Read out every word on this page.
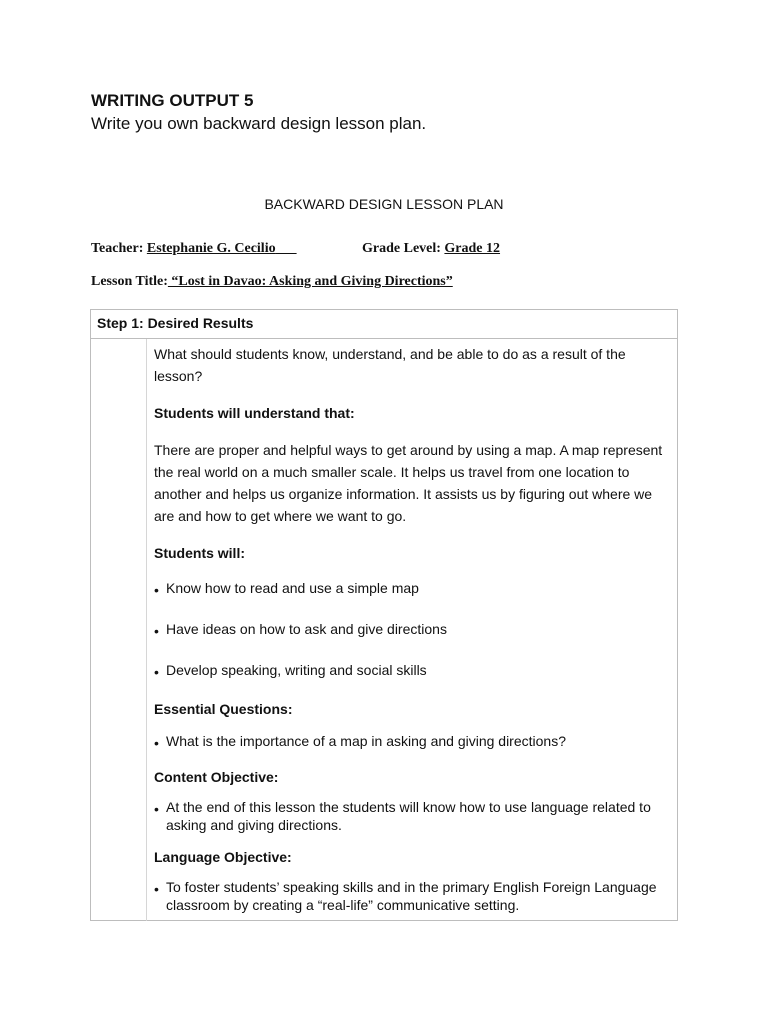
WRITING OUTPUT 5
Write you own backward design lesson plan.
BACKWARD DESIGN LESSON PLAN
Teacher: Estephanie G. Cecilio	Grade Level: Grade 12
Lesson Title: “Lost in Davao: Asking and Giving Directions”
Step 1: Desired Results

What should students know, understand, and be able to do as a result of the lesson?

Students will understand that:

There are proper and helpful ways to get around by using a map. A map represent the real world on a much smaller scale. It helps us travel from one location to another and helps us organize information. It assists us by figuring out where we are and how to get where we want to go.

Students will:

• Know how to read and use a simple map
• Have ideas on how to ask and give directions
• Develop speaking, writing and social skills

Essential Questions:

• What is the importance of a map in asking and giving directions?

Content Objective:

• At the end of this lesson the students will know how to use language related to asking and giving directions.

Language Objective:

• To foster students’ speaking skills and in the primary English Foreign Language classroom by creating a “real-life” communicative setting.
